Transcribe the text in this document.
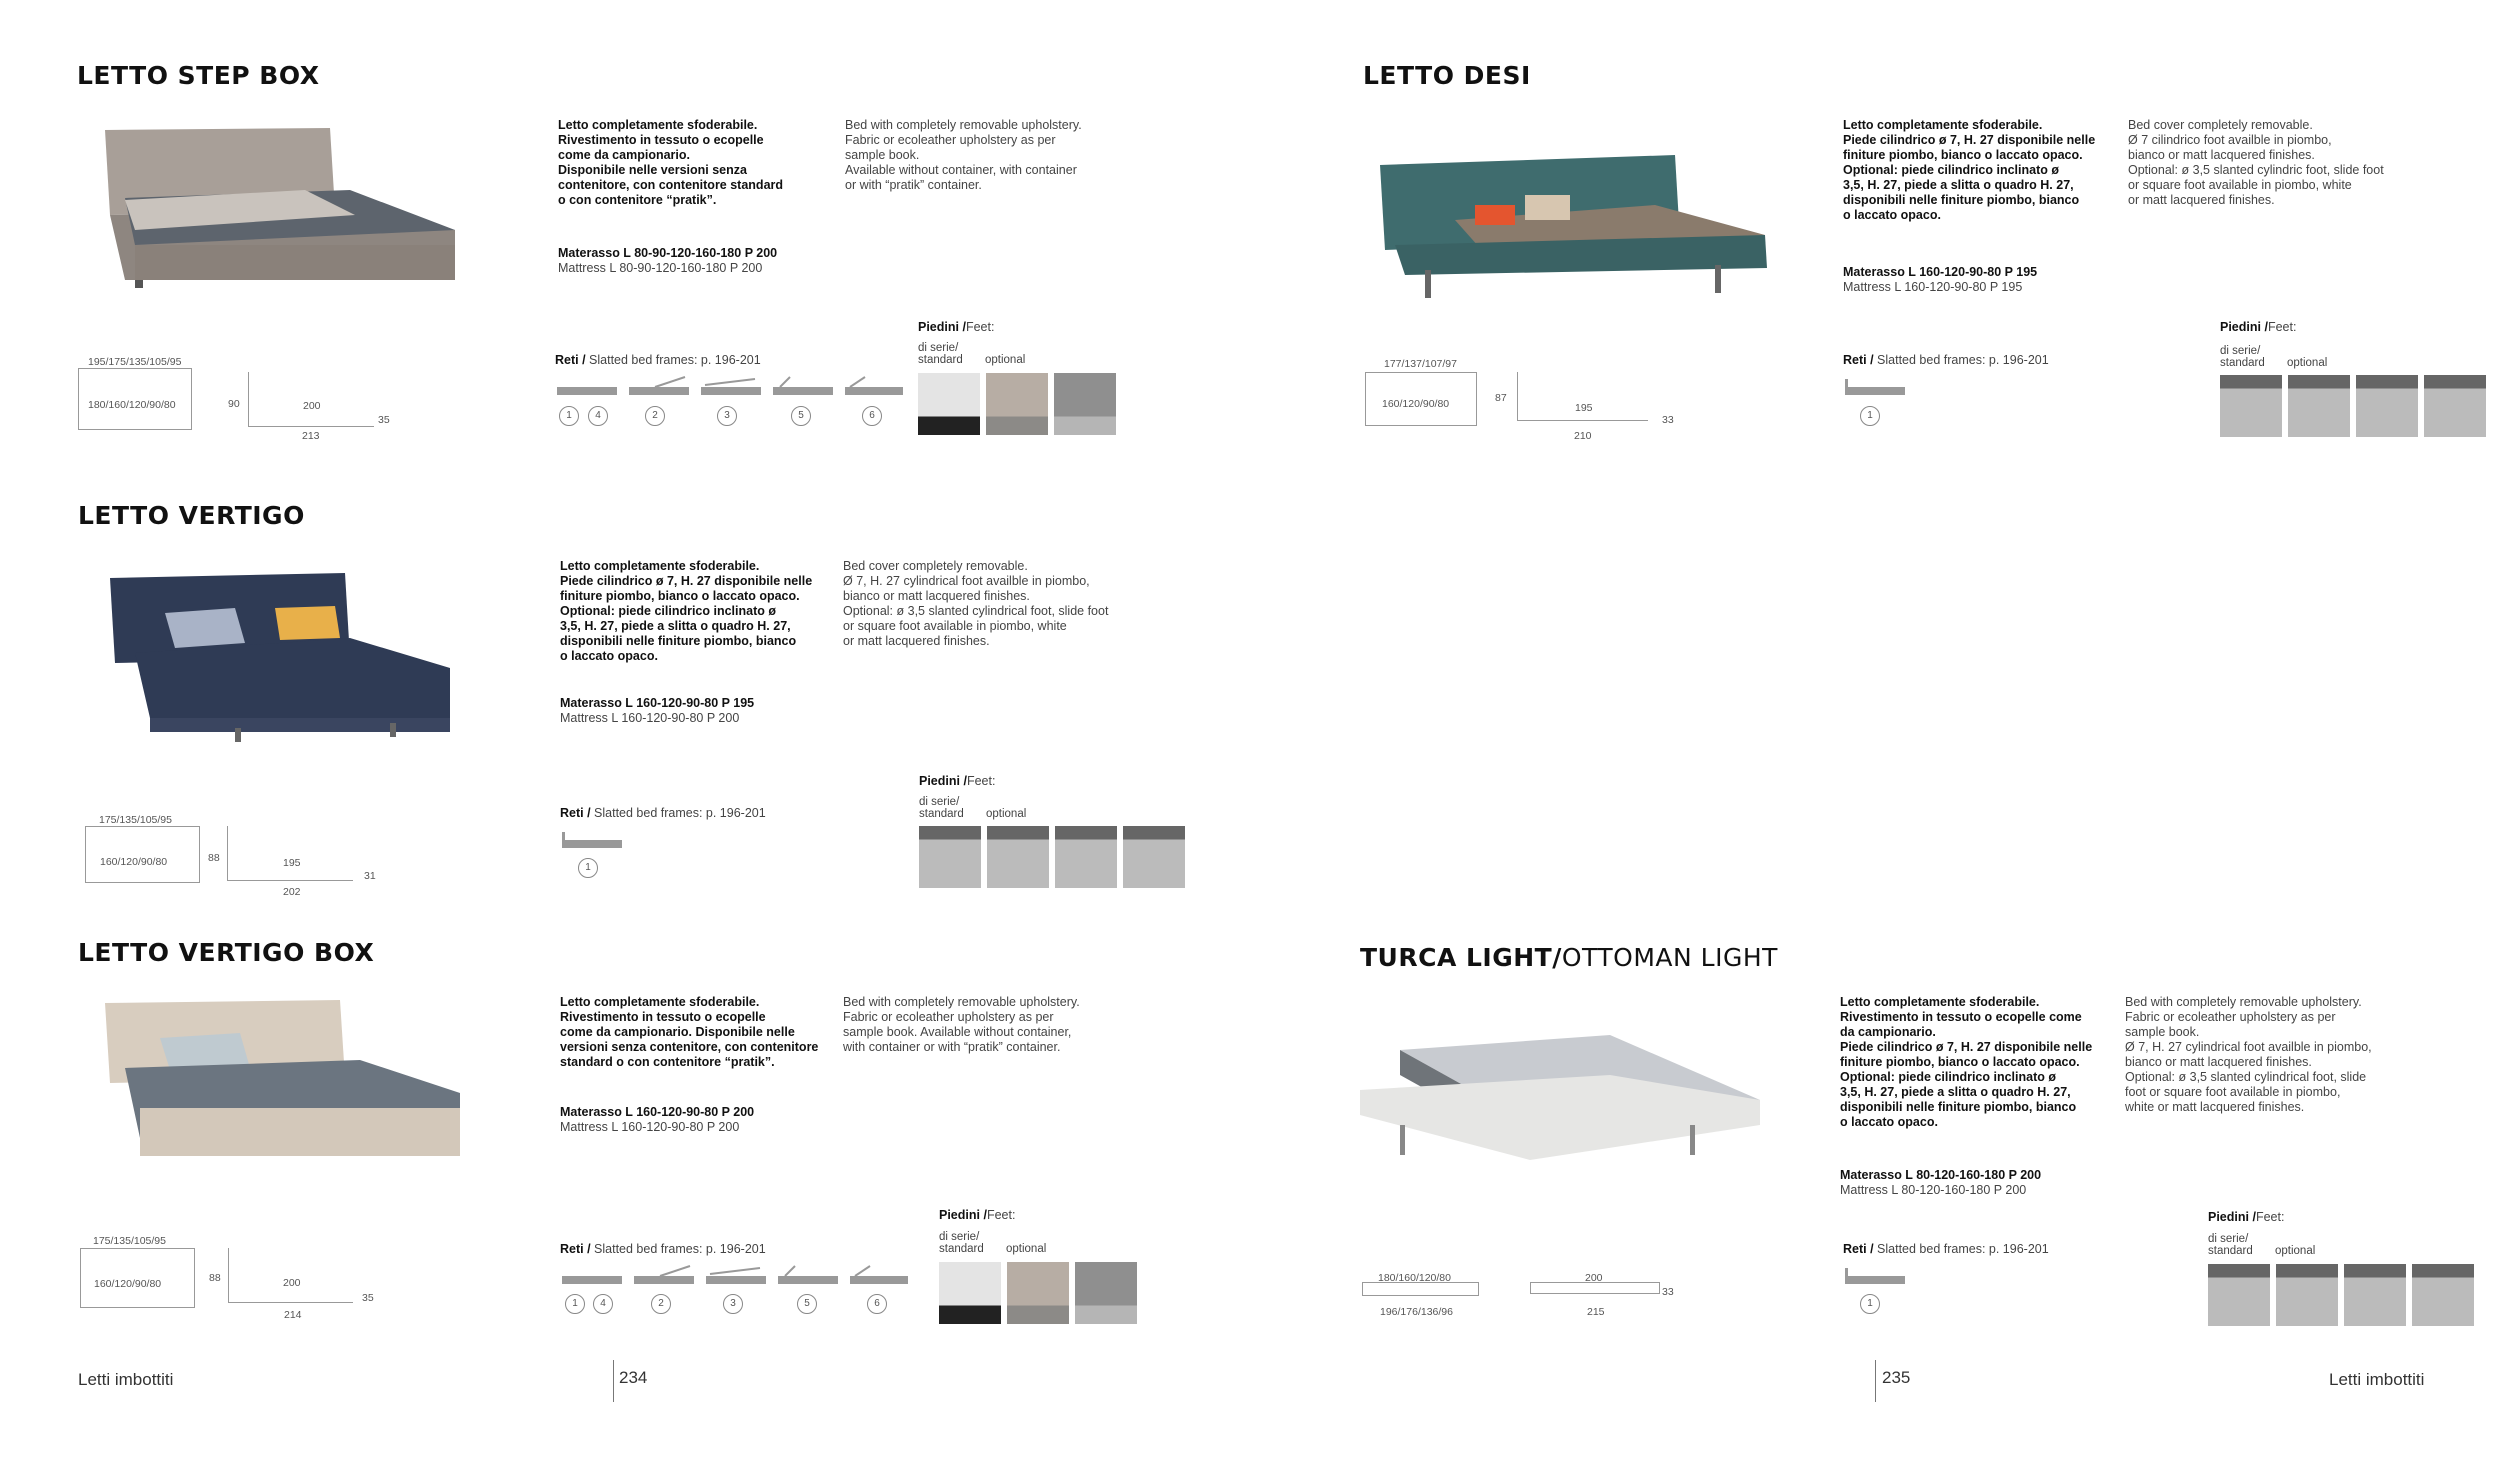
Letti imbottiti	234	235	Letti imbottiti
LETTO STEP BOX
Letto completamente sfoderabile.
Rivestimento in tessuto o ecopelle
come da campionario.
Disponibile nelle versioni senza
contenitore, con contenitore standard
o con contenitore “pratik”.
Bed with completely removable upholstery.
Fabric or ecoleather upholstery as per
sample book.
Available without container, with container
or with “pratik” container.
Materasso L 80-90-120-160-180 P 200
Mattress L 80-90-120-160-180 P 200
195/175/135/105/95
180/160/120/90/80	90	200
213
35
Reti / Slatted bed frames: p. 196-201
1	4	2	3	5	6
Piedini /Feet:
di serie/
standard optional
LETTO DESI
Letto completamente sfoderabile.
Piede cilindrico ø 7, H. 27 disponibile nelle
finiture piombo, bianco o laccato opaco.
Optional: piede cilindrico inclinato ø
3,5, H. 27, piede a slitta o quadro H. 27,
disponibili nelle finiture piombo, bianco
o laccato opaco.
Bed cover completely removable.
Ø 7 cilindrico foot availble in piombo,
bianco or matt lacquered finishes.
Optional: ø 3,5 slanted cylindric foot, slide foot
or square foot available in piombo, white
or matt lacquered finishes.
Materasso L 160-120-90-80 P 195
Mattress L 160-120-90-80 P 195
177/137/107/97
160/120/90/80	87
195
210
33
Reti / Slatted bed frames: p. 196-201
1
Piedini /Feet:
di serie/
standard optional
LETTO VERTIGO
Letto completamente sfoderabile.
Piede cilindrico ø 7, H. 27 disponibile nelle
finiture piombo, bianco o laccato opaco.
Optional: piede cilindrico inclinato ø
3,5, H. 27, piede a slitta o quadro H. 27,
disponibili nelle finiture piombo, bianco
o laccato opaco.
Bed cover completely removable.
Ø 7, H. 27 cylindrical foot availble in piombo,
bianco or matt lacquered finishes.
Optional: ø 3,5 slanted cylindrical foot, slide foot
or square foot available in piombo, white
or matt lacquered finishes.
Materasso L 160-120-90-80 P 195
Mattress L 160-120-90-80 P 200
175/135/105/95
160/120/90/80	88	195
202
31
Reti / Slatted bed frames: p. 196-201
1
Piedini /Feet:
di serie/
standard optional
LETTO VERTIGO BOX
Letto completamente sfoderabile.
Rivestimento in tessuto o ecopelle
come da campionario. Disponibile nelle
versioni senza contenitore, con contenitore
standard o con contenitore “pratik”.
Bed with completely removable upholstery.
Fabric or ecoleather upholstery as per
sample book. Available without container,
with container or with “pratik” container.
Materasso L 160-120-90-80 P 200
Mattress L 160-120-90-80 P 200
175/135/105/95
160/120/90/80	88	200
214
35
Reti / Slatted bed frames: p. 196-201
1	4	2	3	5	6
Piedini /Feet:
di serie/
standard optional
TURCA LIGHT/OTTOMAN LIGHT
Letto completamente sfoderabile.
Rivestimento in tessuto o ecopelle come
da campionario.
Piede cilindrico ø 7, H. 27 disponibile nelle
finiture piombo, bianco o laccato opaco.
Optional: piede cilindrico inclinato ø
3,5, H. 27, piede a slitta o quadro H. 27,
disponibili nelle finiture piombo, bianco
o laccato opaco.
Bed with completely removable upholstery.
Fabric or ecoleather upholstery as per
sample book.
Ø 7, H. 27 cylindrical foot availble in piombo,
bianco or matt lacquered finishes.
Optional: ø 3,5 slanted cylindrical foot, slide
foot or square foot available in piombo,
white or matt lacquered finishes.
Materasso L 80-120-160-180 P 200
Mattress L 80-120-160-180 P 200
180/160/120/80
196/176/136/96
200
215
33
Reti / Slatted bed frames: p. 196-201
1
Piedini /Feet:
di serie/
standard optional
